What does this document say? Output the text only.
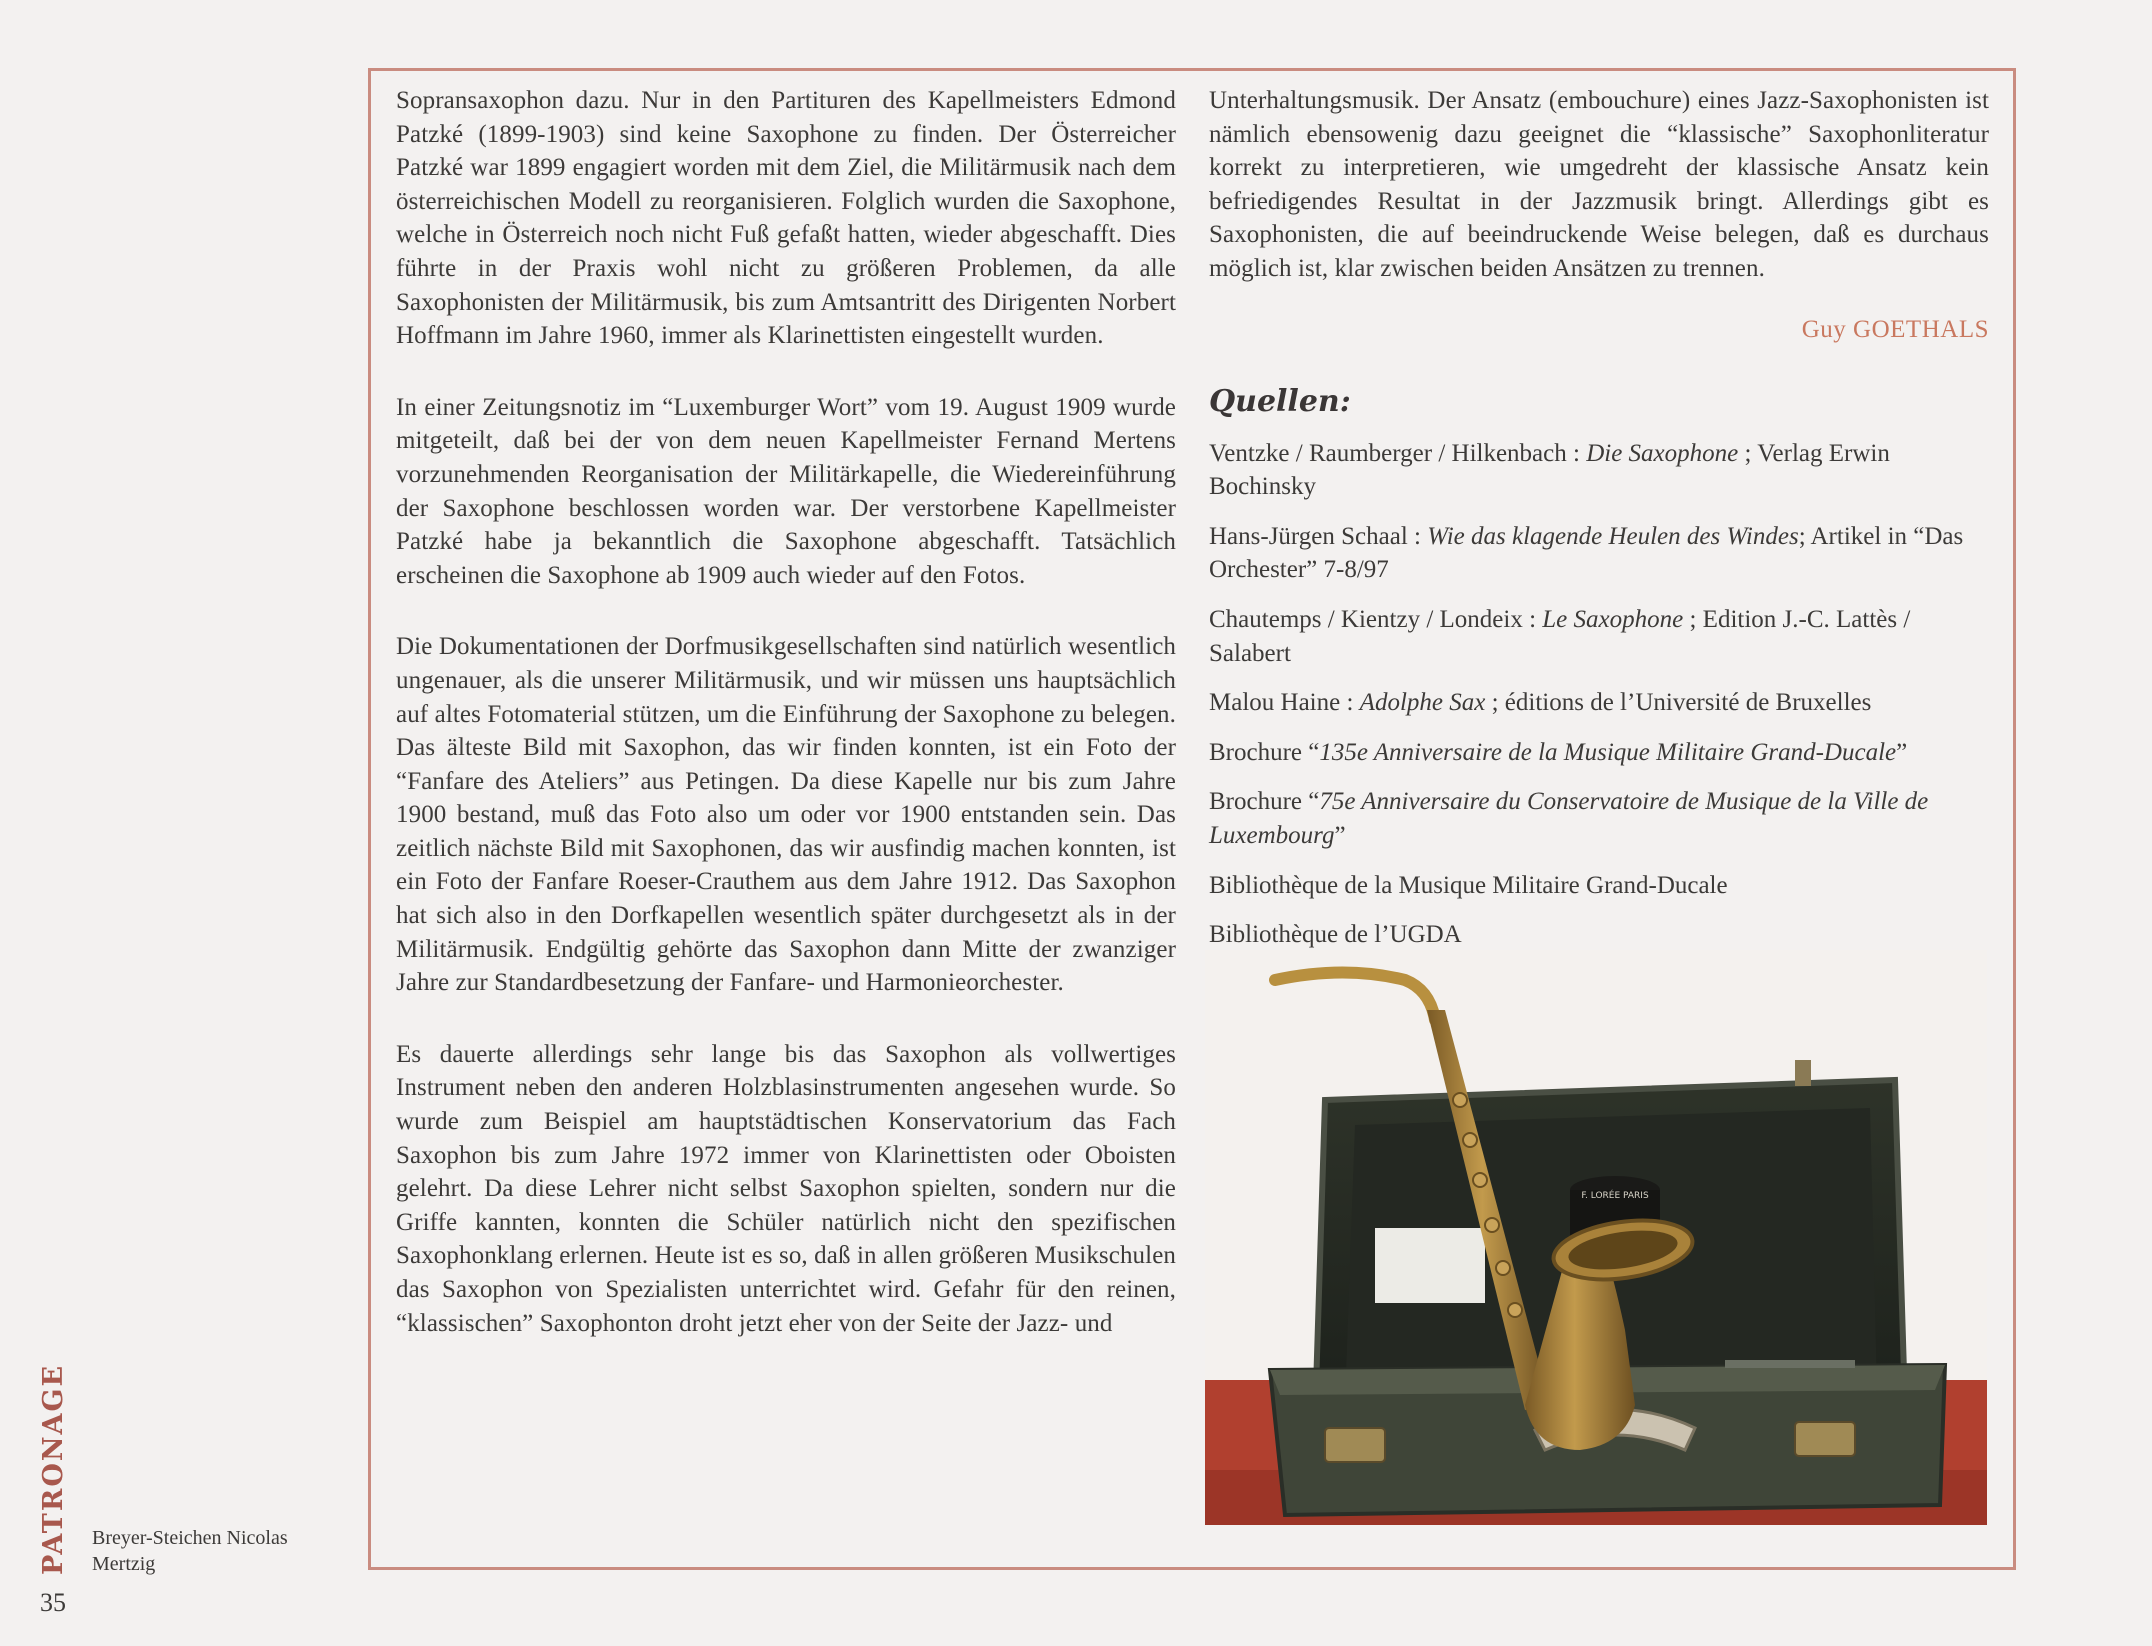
Sopransaxophon dazu. Nur in den Partituren des Kapellmeisters Edmond Patzké (1899-1903) sind keine Saxophone zu finden. Der Österreicher Patzké war 1899 engagiert worden mit dem Ziel, die Militärmusik nach dem österreichischen Modell zu reorganisieren. Folglich wurden die Saxophone, welche in Österreich noch nicht Fuß gefaßt hatten, wieder abgeschafft. Dies führte in der Praxis wohl nicht zu größeren Problemen, da alle Saxophonisten der Militärmusik, bis zum Amtsantritt des Dirigenten Norbert Hoffmann im Jahre 1960, immer als Klarinettisten eingestellt wurden.

In einer Zeitungsnotiz im “Luxemburger Wort” vom 19. August 1909 wurde mitgeteilt, daß bei der von dem neuen Kapellmeister Fernand Mertens vorzunehmenden Reorganisation der Militärkapelle, die Wiedereinführung der Saxophone beschlossen worden war. Der verstorbene Kapellmeister Patzké habe ja bekanntlich die Saxophone abgeschafft. Tatsächlich erscheinen die Saxophone ab 1909 auch wieder auf den Fotos.

Die Dokumentationen der Dorfmusikgesellschaften sind natürlich wesentlich ungenauer, als die unserer Militärmusik, und wir müssen uns hauptsächlich auf altes Fotomaterial stützen, um die Einführung der Saxophone zu belegen. Das älteste Bild mit Saxophon, das wir finden konnten, ist ein Foto der “Fanfare des Ateliers” aus Petingen. Da diese Kapelle nur bis zum Jahre 1900 bestand, muß das Foto also um oder vor 1900 entstanden sein. Das zeitlich nächste Bild mit Saxophonen, das wir ausfindig machen konnten, ist ein Foto der Fanfare Roeser-Crauthem aus dem Jahre 1912. Das Saxophon hat sich also in den Dorfkapellen wesentlich später durchgesetzt als in der Militärmusik. Endgültig gehörte das Saxophon dann Mitte der zwanziger Jahre zur Standardbesetzung der Fanfare- und Harmonieorchester.

Es dauerte allerdings sehr lange bis das Saxophon als vollwertiges Instrument neben den anderen Holzblasinstrumenten angesehen wurde. So wurde zum Beispiel am hauptstädtischen Konservatorium das Fach Saxophon bis zum Jahre 1972 immer von Klarinettisten oder Oboisten gelehrt. Da diese Lehrer nicht selbst Saxophon spielten, sondern nur die Griffe kannten, konnten die Schüler natürlich nicht den spezifischen Saxophonklang erlernen. Heute ist es so, daß in allen größeren Musikschulen das Saxophon von Spezialisten unterrichtet wird. Gefahr für den reinen, “klassischen” Saxophonton droht jetzt eher von der Seite der Jazz- und

Unterhaltungsmusik. Der Ansatz (embouchure) eines Jazz-Saxophonisten ist nämlich ebensowenig dazu geeignet die “klassische” Saxophonliteratur korrekt zu interpretieren, wie umgedreht der klassische Ansatz kein befriedigendes Resultat in der Jazzmusik bringt. Allerdings gibt es Saxophonisten, die auf beeindruckende Weise belegen, daß es durchaus möglich ist, klar zwischen beiden Ansätzen zu trennen.

Guy GOETHALS
Quellen:

Ventzke / Raumberger / Hilkenbach : Die Saxophone ; Verlag Erwin Bochinsky

Hans-Jürgen Schaal : Wie das klagende Heulen des Windes; Artikel in “Das Orchester” 7-8/97

Chautemps / Kientzy / Londeix : Le Saxophone ; Edition J.-C. Lattès / Salabert

Malou Haine : Adolphe Sax ; éditions de l’Université de Bruxelles

Brochure “135e Anniversaire de la Musique Militaire Grand-Ducale”

Brochure “75e Anniversaire du Conservatoire de Musique de la Ville de Luxembourg”

Bibliothèque de la Musique Militaire Grand-Ducale

Bibliothèque de l’UGDA

F. LORÉE PARIS
PATRONAGE Breyer-Steichen Nicolas
Mertzig
35
